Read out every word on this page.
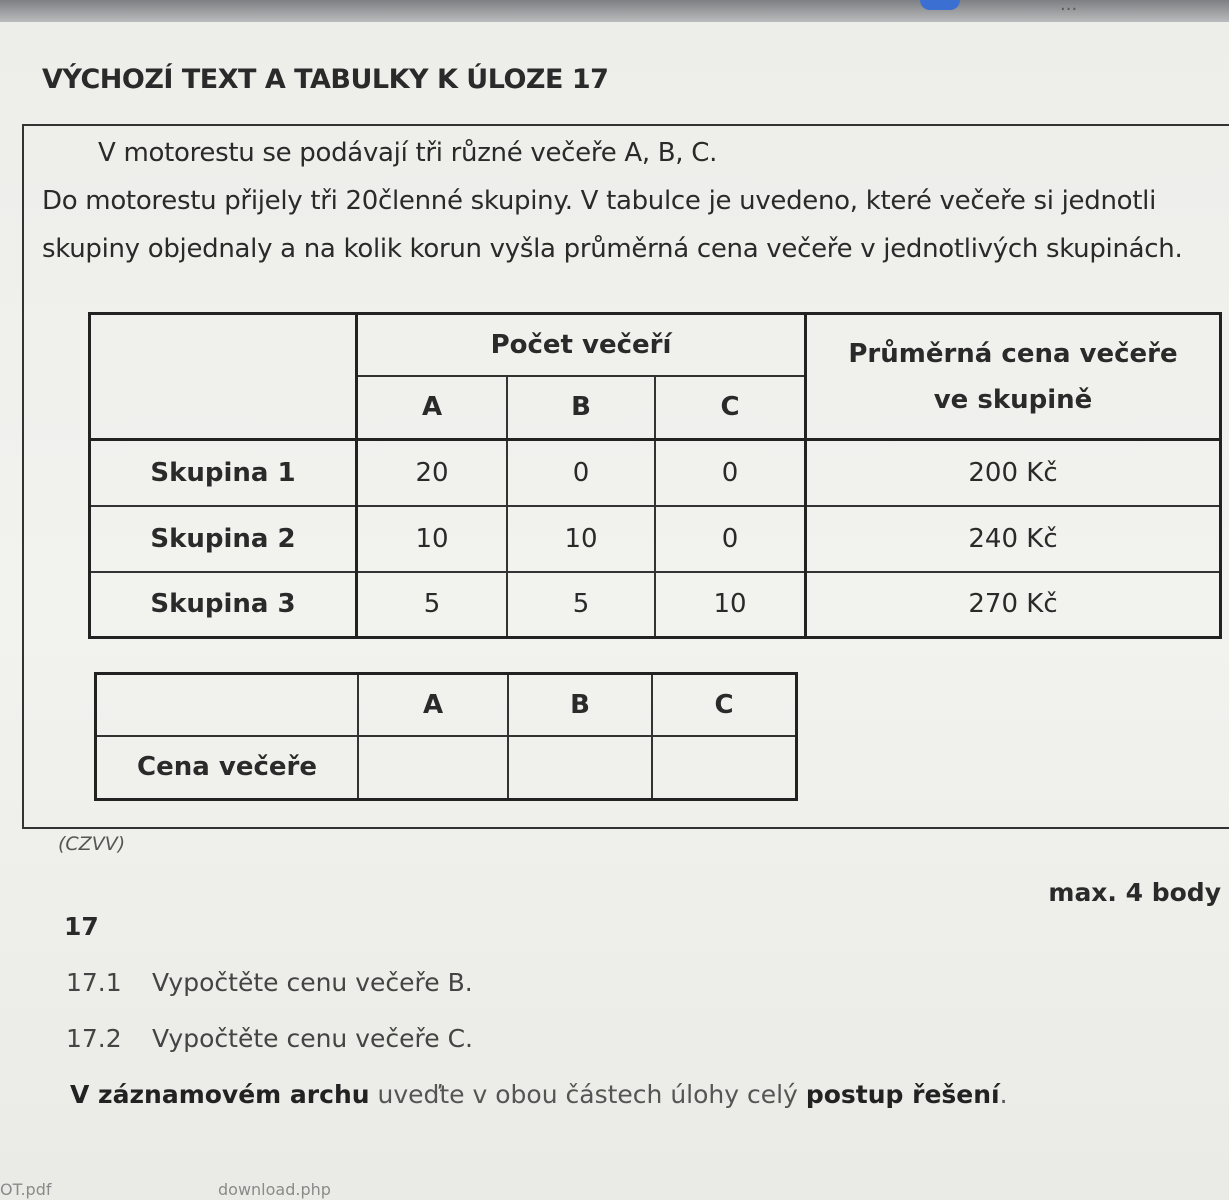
...
VÝCHOZÍ TEXT A TABULKY K ÚLOZE 17
V motorestu se podávají tři různé večeře A, B, C.
Do motorestu přijely tři 20členné skupiny. V tabulce je uvedeno, které večeře si jednotli
skupiny objednaly a na kolik korun vyšla průměrná cena večeře v jednotlivých skupinách.
	Počet večeří			Průměrná cena večeře
ve skupině

	A	B	C	
Skupina 1	20	0	0	200 Kč
Skupina 2	10	10	0	240 Kč
Skupina 3	5	5	10	270 Kč
	A	B	C
Cena večeře			
(CZVV)
max. 4 body
17
17.1 Vypočtěte cenu večeře B.
17.2 Vypočtěte cenu večeře C.
V záznamovém archu uveďte v obou částech úlohy celý postup řešení.
OT.pdf	download.php
